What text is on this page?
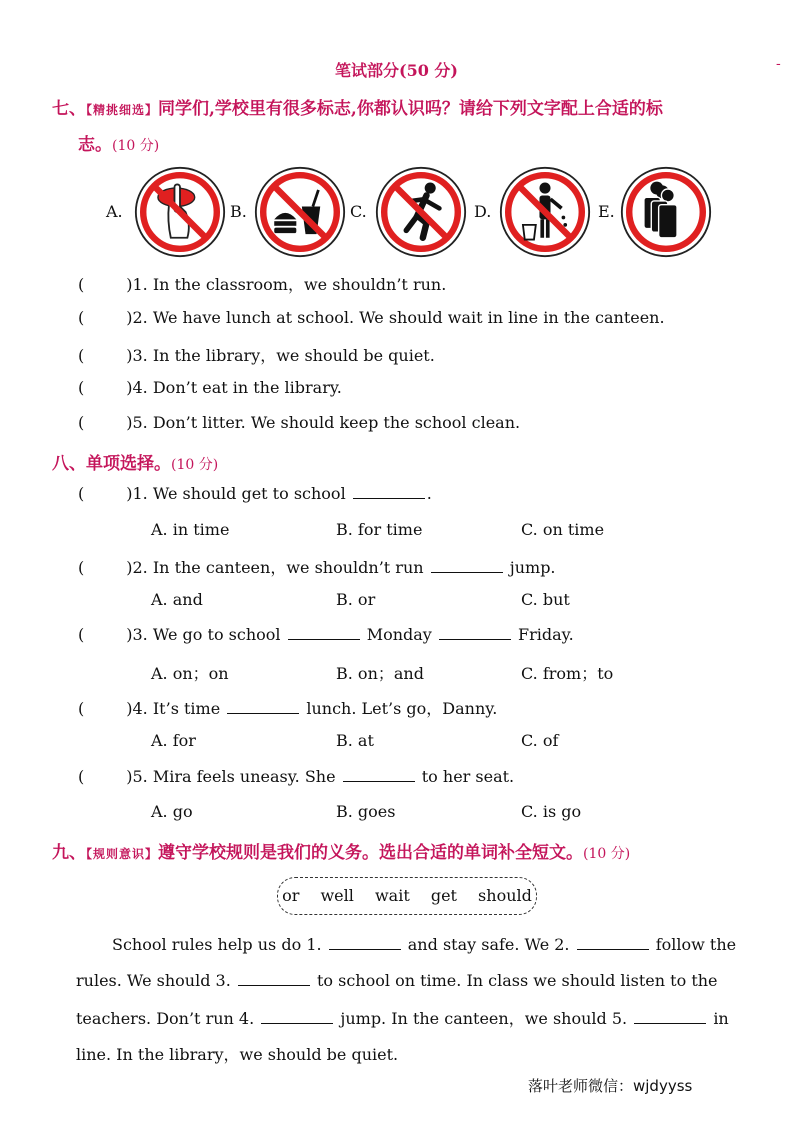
笔试部分(50 分)	-
七、【精挑细选】同学们,学校里有很多标志,你都认识吗？请给下列文字配上合适的标
志。(10 分)
A.	B.	C.	D.	E.
(	)1. In the classroom，we shouldn’t run.
(	)2. We have lunch at school. We should wait in line in the canteen.
(	)3. In the library，we should be quiet.
(	)4. Don’t eat in the library.
(	)5. Don’t litter. We should keep the school clean.
八、单项选择。(10 分)
(	)1. We should get to school	.
A. in time	B. for time	C. on time
(	)2. In the canteen，we shouldn’t run	jump.
A. and	B. or	C. but
(	)3. We go to school	Monday	Friday.
A. on；on	B. on；and	C. from；to
(	)4. It’s time	lunch. Let’s go，Danny.
A. for	B. at	C. of
(	)5. Mira feels uneasy. She	to her seat.
A. go	B. goes	C. is go
九、【规则意识】遵守学校规则是我们的义务。选出合适的单词补全短文。(10 分)
or well wait get should
School rules help us do 1.	and stay safe. We 2.	follow the
rules. We should 3.	to school on time. In class we should listen to the
teachers. Don’t run 4.	jump. In the canteen，we should 5.	in
line. In the library，we should be quiet.
落叶老师微信：wjdyyss
